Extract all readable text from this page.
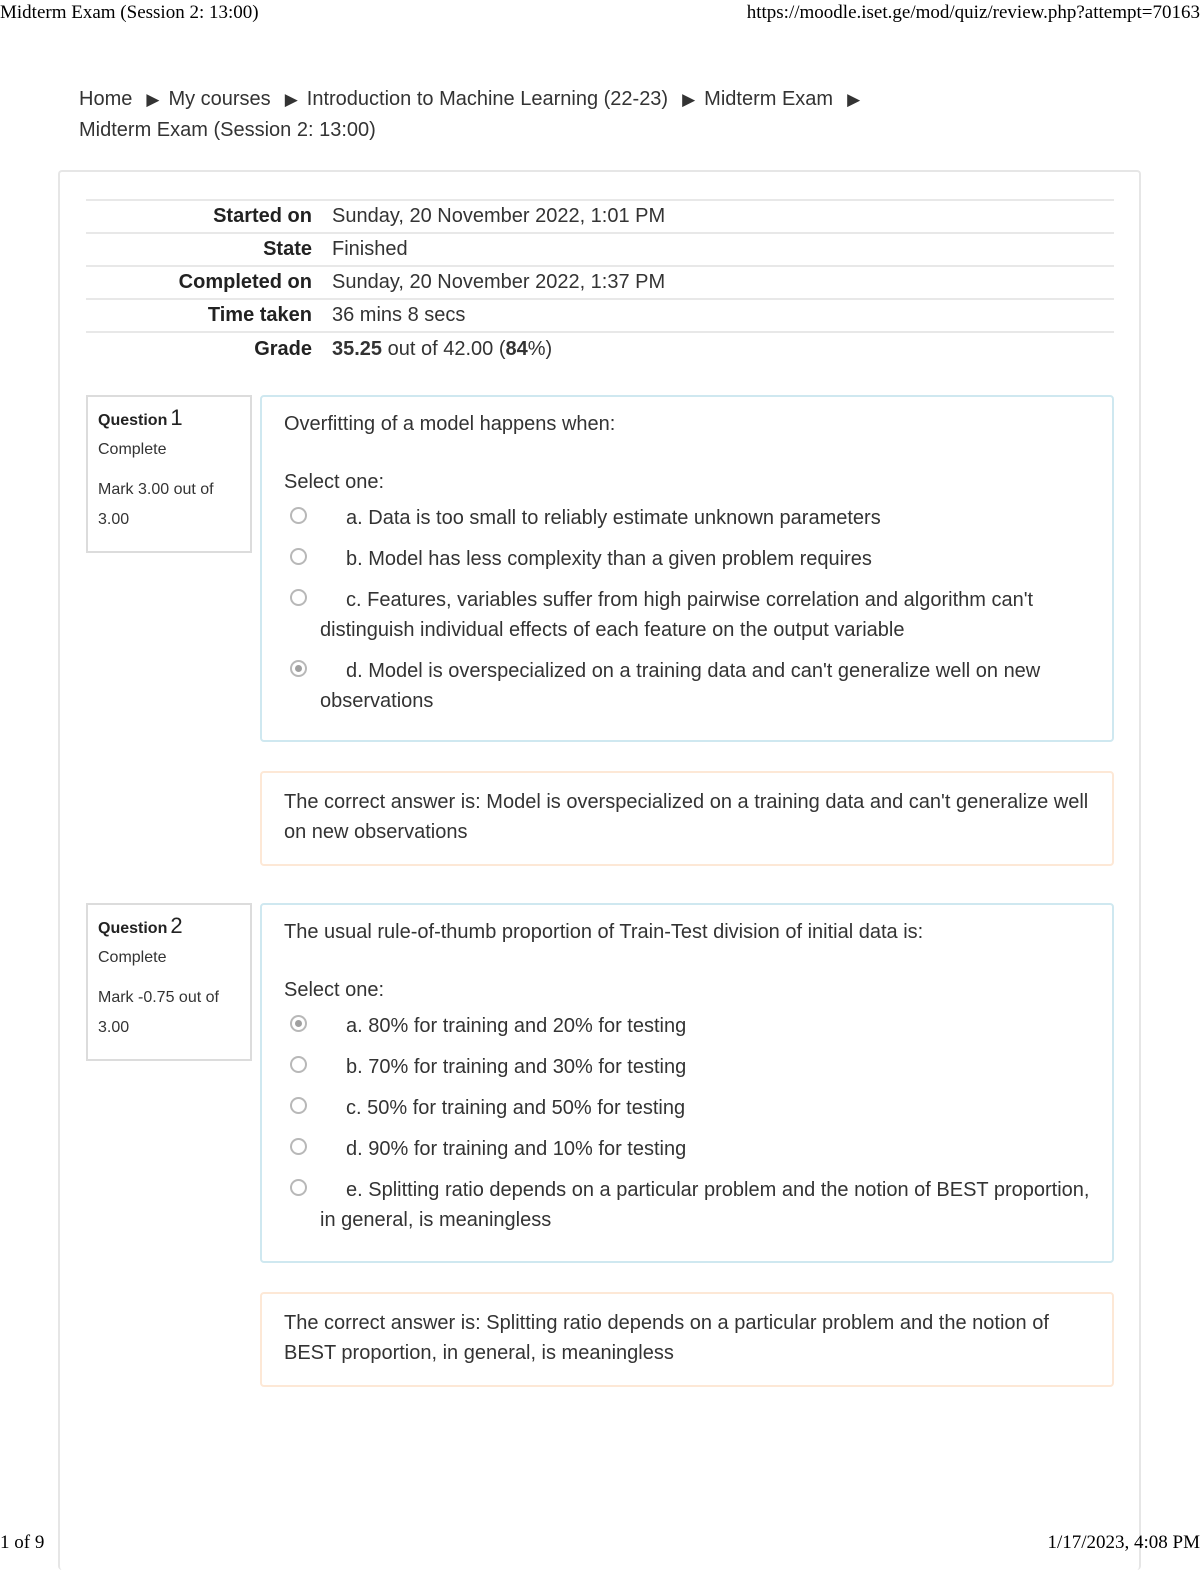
Midterm Exam (Session 2: 13:00)	https://moodle.iset.ge/mod/quiz/review.php?attempt=70163
Home ▶ My courses ▶ Introduction to Machine Learning (22-23) ▶ Midterm Exam ▶
Midterm Exam (Session 2: 13:00)
Started on	Sunday, 20 November 2022, 1:01 PM
State	Finished
Completed on	Sunday, 20 November 2022, 1:37 PM
Time taken	36 mins 8 secs
Grade	35.25 out of 42.00 (84%)
Question 1
Complete
Mark 3.00 out of 3.00
Overfitting of a model happens when:
Select one:
a. Data is too small to reliably estimate unknown parameters
b. Model has less complexity than a given problem requires
c. Features, variables suffer from high pairwise correlation and algorithm can't distinguish individual effects of each feature on the output variable
d. Model is overspecialized on a training data and can't generalize well on new observations
The correct answer is: Model is overspecialized on a training data and can't generalize well on new observations
Question 2
Complete
Mark -0.75 out of 3.00
The usual rule-of-thumb proportion of Train-Test division of initial data is:
Select one:
a. 80% for training and 20% for testing
b. 70% for training and 30% for testing
c. 50% for training and 50% for testing
d. 90% for training and 10% for testing
e. Splitting ratio depends on a particular problem and the notion of BEST proportion, in general, is meaningless
The correct answer is: Splitting ratio depends on a particular problem and the notion of BEST proportion, in general, is meaningless
1 of 9	1/17/2023, 4:08 PM
